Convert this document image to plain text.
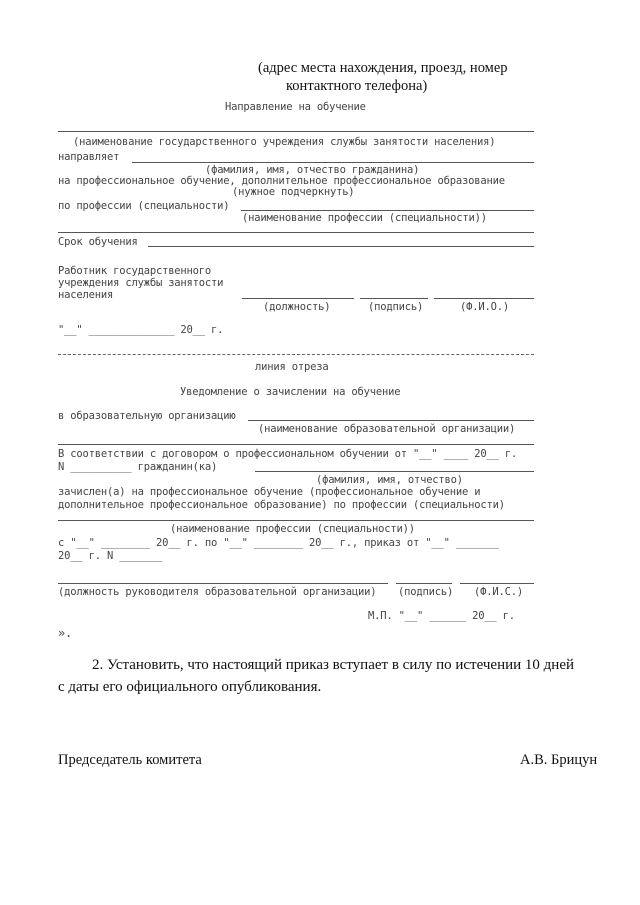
(адрес места нахождения, проезд, номер
контактного телефона)
Направление на обучение
(наименование государственного учреждения службы занятости населения)
направляет
(фамилия, имя, отчество гражданина)
на профессиональное обучение, дополнительное профессиональное образование
(нужное подчеркнуть)
по профессии (специальности)
(наименование профессии (специальности))
Срок обучения
Работник государственного
учреждения службы занятости
населения
(должность)	(подпись)	(Ф.И.О.)
"__" ______________ 20__ г.
линия отреза
Уведомление о зачислении на обучение
в образовательную организацию
(наименование образовательной организации)
В соответствии с договором о профессиональном обучении от "__" ____ 20__ г.
N __________ гражданин(ка)
(фамилия, имя, отчество)
зачислен(а) на профессиональное обучение (профессиональное обучение и
дополнительное профессиональное образование) по профессии (специальности)
(наименование профессии (специальности))
с "__" ________ 20__ г. по "__" ________ 20__ г., приказ от "__" _______
20__ г. N _______
(должность руководителя образовательной организации) (подпись) (Ф.И.С.)
М.П. "__" ______ 20__ г.
».
2. Установить, что настоящий приказ вступает в силу по истечении 10 дней
с даты его официального опубликования.
Председатель комитета	А.В. Брицун
